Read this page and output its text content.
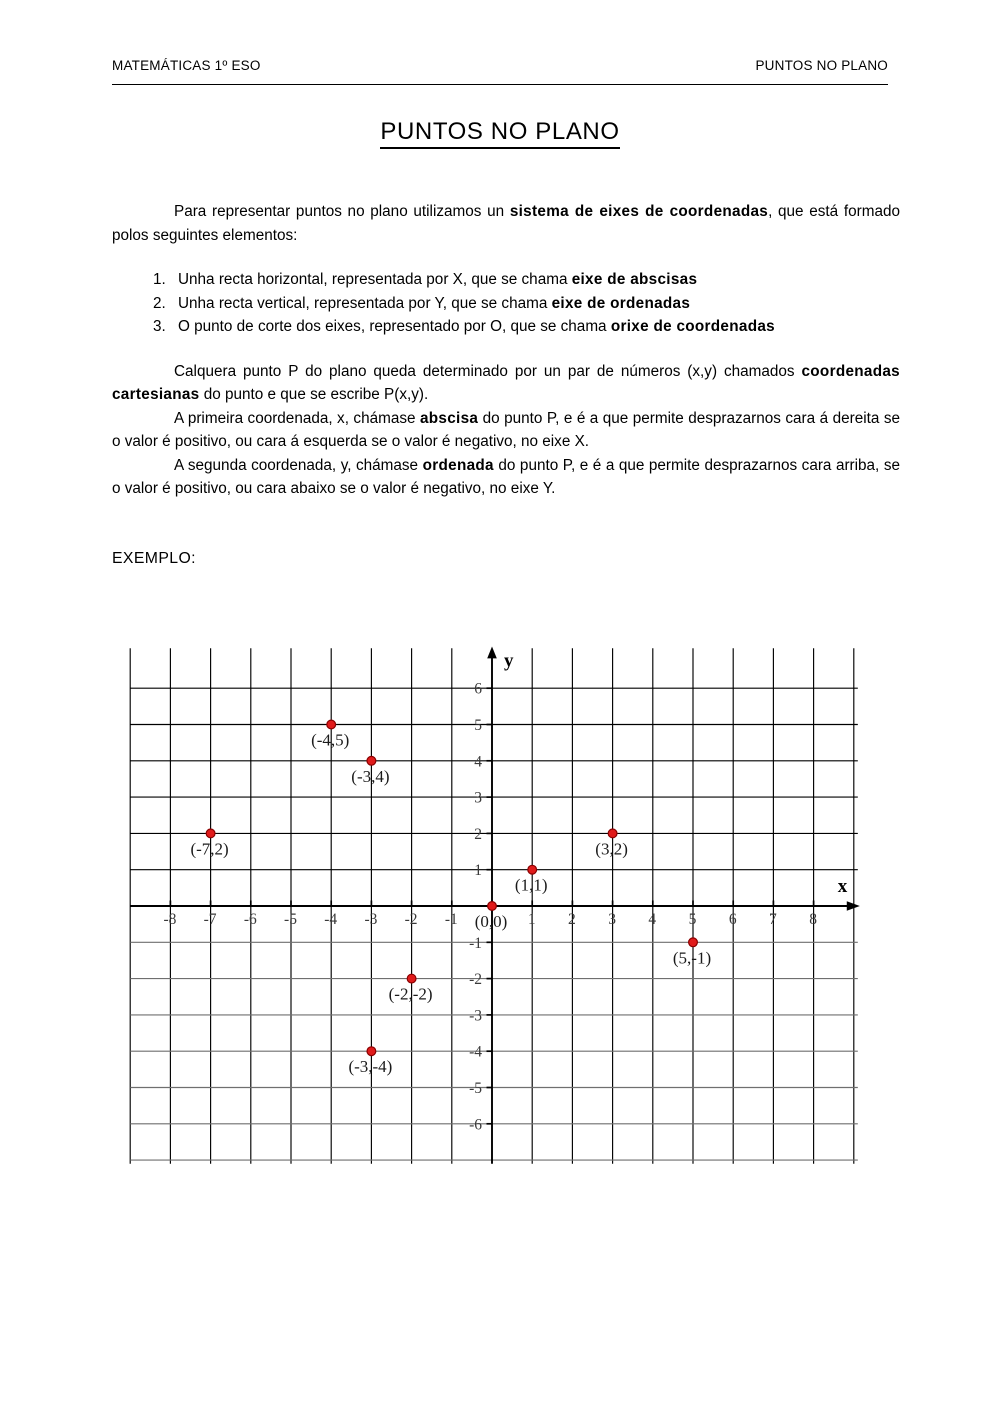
MATEMÁTICAS 1º ESO	PUNTOS NO PLANO
PUNTOS NO PLANO

Para representar puntos no plano utilizamos un sistema de eixes de coordenadas, que está formado polos seguintes elementos:

1. Unha recta horizontal, representada por X, que se chama eixe de abscisas
2. Unha recta vertical, representada por Y, que se chama eixe de ordenadas
3. O punto de corte dos eixes, representado por O, que se chama orixe de coordenadas

Calquera punto P do plano queda determinado por un par de números (x,y) chamados coordenadas cartesianas do punto e que se escribe P(x,y).

A primeira coordenada, x, chámase abscisa do punto P, e é a que permite desprazarnos cara á dereita se o valor é positivo, ou cara á esquerda se o valor é negativo, no eixe X.

A segunda coordenada, y, chámase ordenada do punto P, e é a que permite desprazarnos cara arriba, se o valor é positivo, ou cara abaixo se o valor é negativo, no eixe Y.

EXEMPLO:
-8 -7 -6 -5 -4 -3 -2 -1	1 2 3 4 5 6 7 8
6
5
4
3
2
1
-1
-2
-3
-4
-5
-6
(-4,5)
(-3,4)
(-7,2)	(3,2)
(1,1)
(0,0)
(5,-1)
(-2,-2)
(-3,-4)
x
y
